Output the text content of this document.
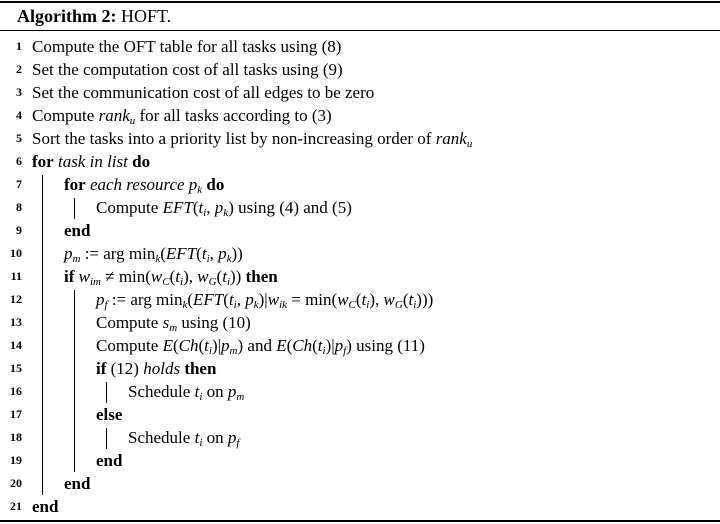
Algorithm 2: HOFT.
1 Compute the OFT table for all tasks using (8)
2 Set the computation cost of all tasks using (9)
3 Set the communication cost of all edges to be zero
4 Compute rank$_u$ for all tasks according to (3)
5 Sort the tasks into a priority list by non-increasing order of rank$_u$
6 for task in list do
7 for each resource $p_k$ do
8	Compute $EFT(t_i$, $p_k$) using (4) and (5)
9 end
10 $p_m$ := arg $\min_k(EFT(t_i$, $p_k$))
11 if $w_{im} \ne \min(w_C(t_i)$, $w_G(t_i)$) then
12	$p_f$ := arg $\min_k(EFT(t_i$, $p_k)|w_{ik} = \min(w_C(t_i)$, $w_G(t_i)$))
13	Compute $s_m$ using (10)
14	Compute $E(Ch(t_i)|p_m)$ and $E(Ch(t_i)|p_f)$ using (11)
15	if (12) holds then
16	Schedule $t_i$ on $p_m$
17	else
18	Schedule $t_i$ on $p_f$
19	end
20 end
21 end
